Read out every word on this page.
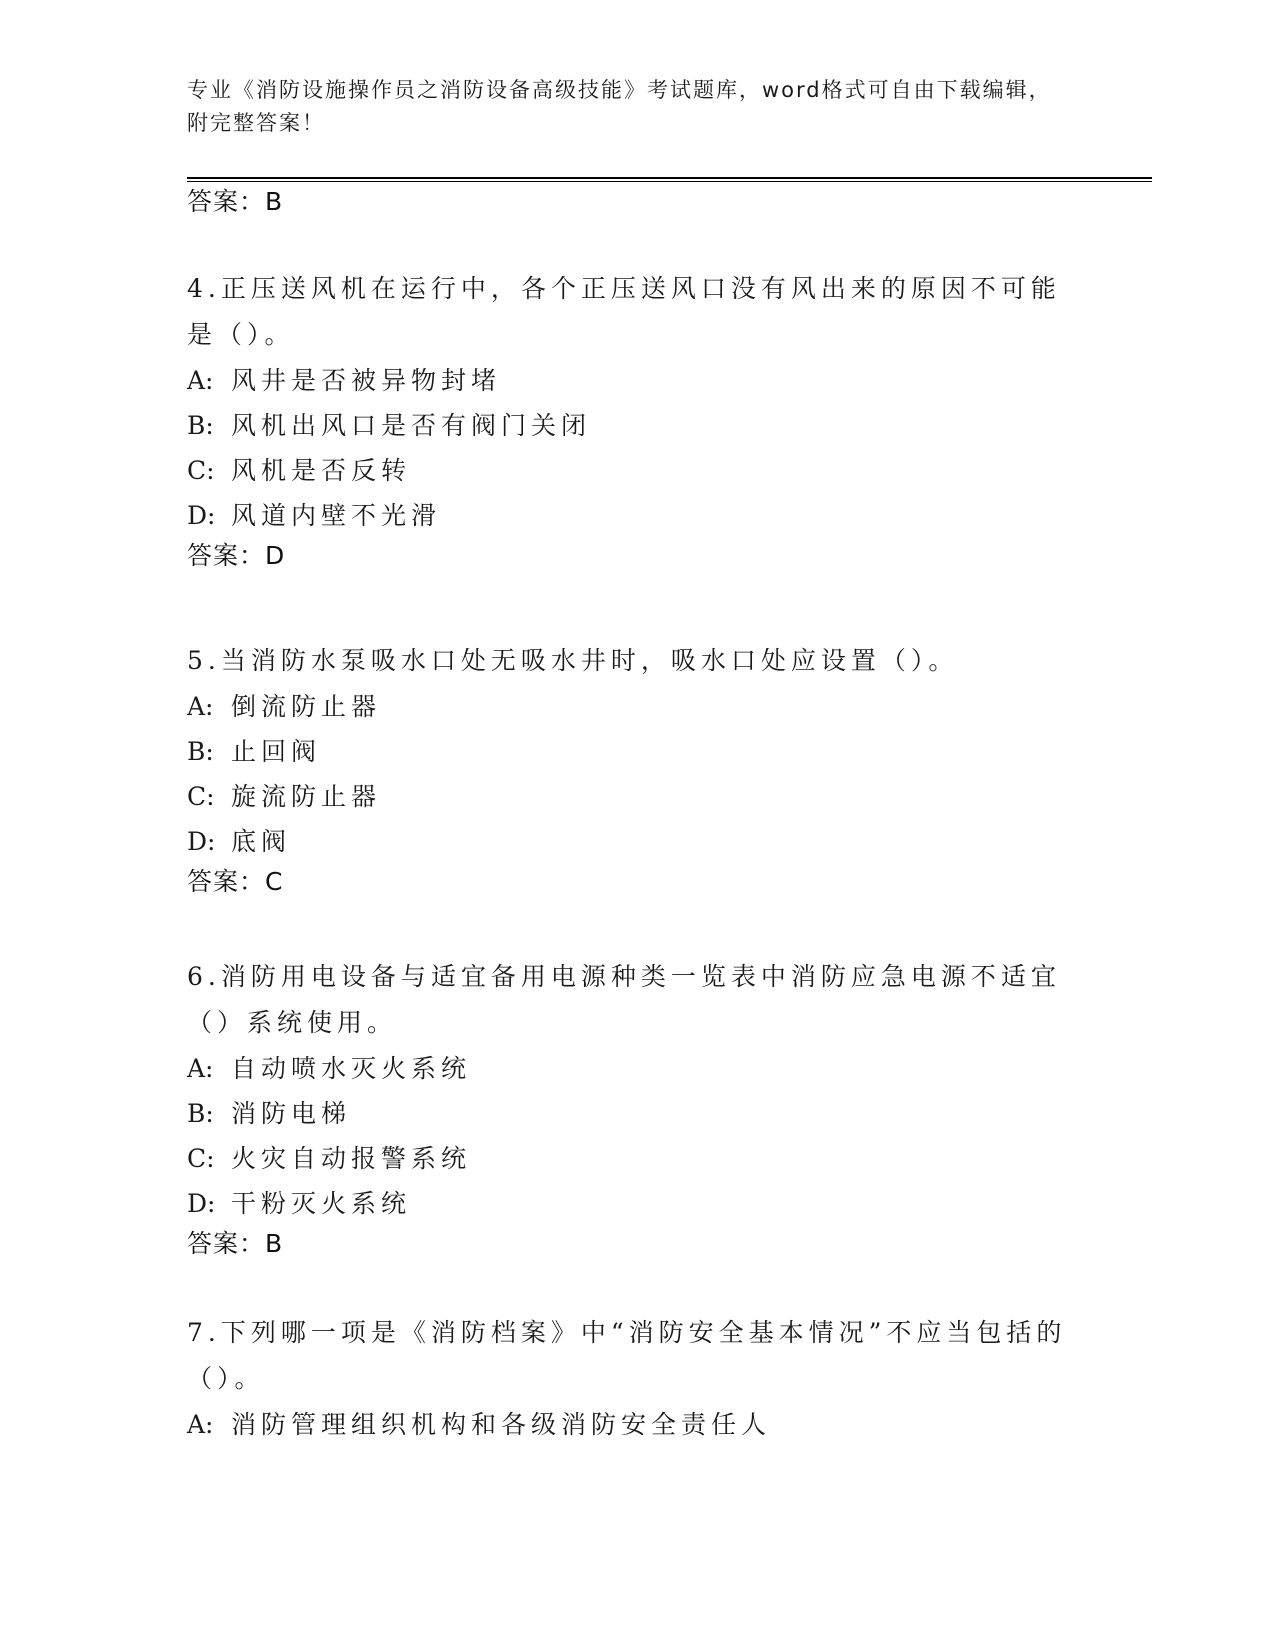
专业《消防设施操作员之消防设备高级技能》考试题库，word格式可自由下载编辑，附完整答案！
答案：B
4.正压送风机在运行中，各个正压送风口没有风出来的原因不可能是（）。
A: 风井是否被异物封堵
B: 风机出风口是否有阀门关闭
C: 风机是否反转
D: 风道内壁不光滑
答案：D
5.当消防水泵吸水口处无吸水井时，吸水口处应设置（）。
A: 倒流防止器
B: 止回阀
C: 旋流防止器
D: 底阀
答案：C
6.消防用电设备与适宜备用电源种类一览表中消防应急电源不适宜（）系统使用。
A: 自动喷水灭火系统
B: 消防电梯
C: 火灾自动报警系统
D: 干粉灭火系统
答案：B
7.下列哪一项是《消防档案》中“消防安全基本情况”不应当包括的（）。
A: 消防管理组织机构和各级消防安全责任人
